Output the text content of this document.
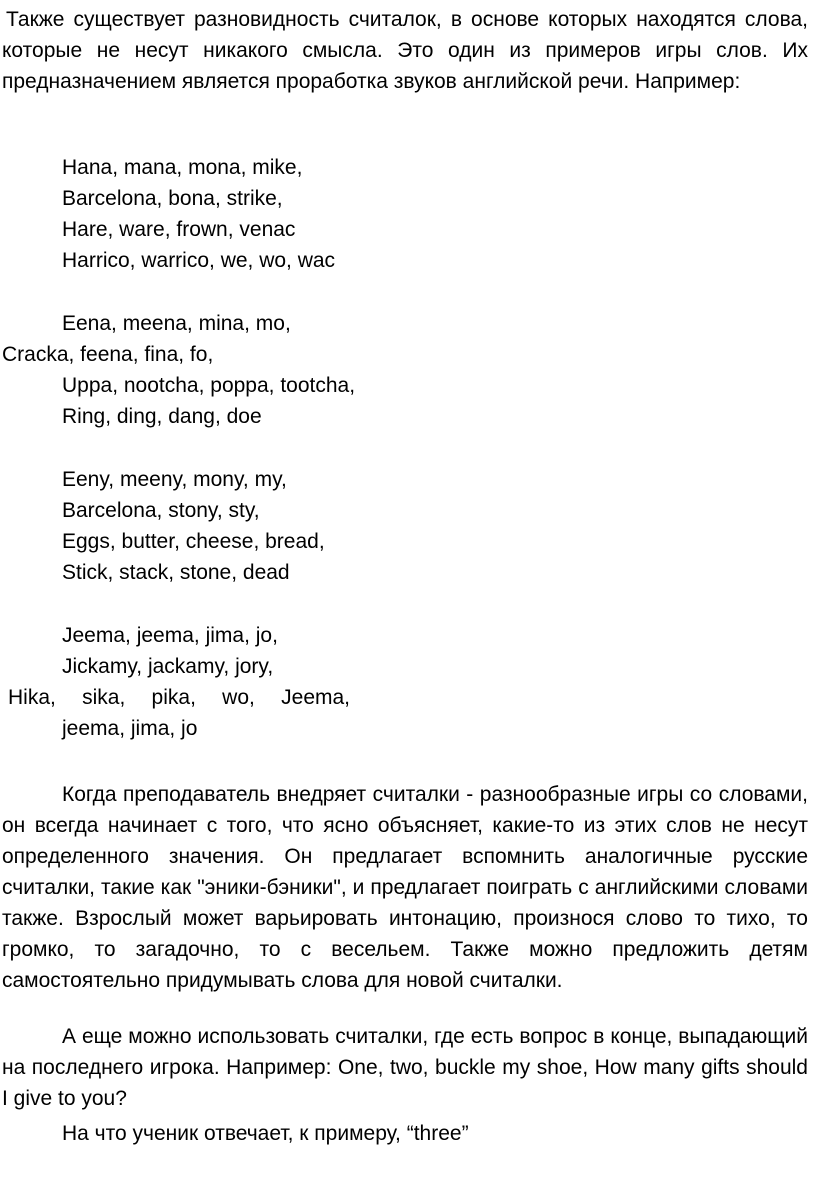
Также существует разновидность считалок, в основе которых находятся слова, которые не несут никакого смысла. Это один из примеров игры слов. Их предназначением является проработка звуков английской речи. Например:

Hana, mana, mona, mike,

Barcelona, bona, strike,

Hare, ware, frown, venac

Harrico, warrico, we, wo, wac

Eena, meena, mina, mo,

Cracka, feena, fina, fo,

Uppa, nootcha, poppa, tootcha,

Ring, ding, dang, doe

Eeny, meeny, mony, my,

Barcelona, stony, sty,

Eggs, butter, cheese, bread,

Stick, stack, stone, dead

Jeema, jeema, jima, jo,

Jickamy, jackamy, jory,

Hika, sika, pika, wo, Jeema,

jeema, jima, jo

Когда преподаватель внедряет считалки - разнообразные игры со словами, он всегда начинает с того, что ясно объясняет, какие-то из этих слов не несут определенного значения. Он предлагает вспомнить аналогичные русские считалки, такие как "эники-бэники", и предлагает поиграть с английскими словами также. Взрослый может варьировать интонацию, произнося слово то тихо, то громко, то загадочно, то с весельем. Также можно предложить детям самостоятельно придумывать слова для новой считалки.

А еще можно использовать считалки, где есть вопрос в конце, выпадающий на последнего игрока. Например: One, two, buckle my shoe, How many gifts should I give to you?

На что ученик отвечает, к примеру, “three”
